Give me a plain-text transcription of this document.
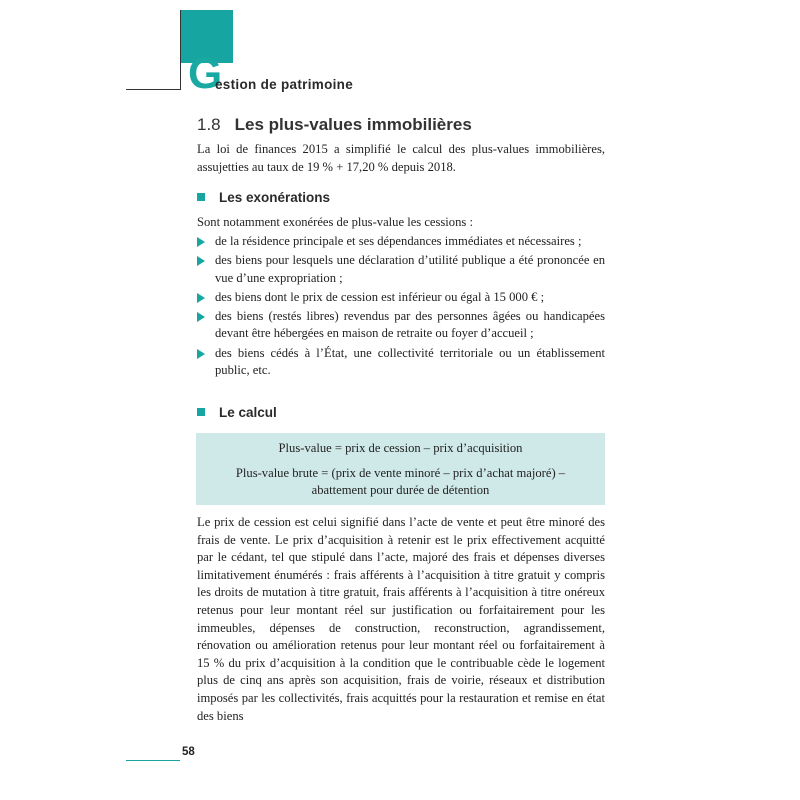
G
estion de patrimoine
1.8 Les plus-values immobilières
La loi de finances 2015 a simplifié le calcul des plus-values immobilières, assujetties au taux de 19 % + 17,20 % depuis 2018.
Les exonérations
Sont notamment exonérées de plus-value les cessions :
de la résidence principale et ses dépendances immédiates et nécessaires ;
des biens pour lesquels une déclaration d’utilité publique a été prononcée en vue d’une expropriation ;
des biens dont le prix de cession est inférieur ou égal à 15 000 € ;
des biens (restés libres) revendus par des personnes âgées ou handicapées devant être hébergées en maison de retraite ou foyer d’accueil ;
des biens cédés à l’État, une collectivité territoriale ou un établissement public, etc.
Le calcul
Plus-value = prix de cession – prix d’acquisition
Plus-value brute = (prix de vente minoré – prix d’achat majoré) –
abattement pour durée de détention
Le prix de cession est celui signifié dans l’acte de vente et peut être minoré des frais de vente. Le prix d’acquisition à retenir est le prix effectivement acquitté par le cédant, tel que stipulé dans l’acte, majoré des frais et dépenses diverses limitativement énumérés : frais afférents à l’acquisition à titre gratuit y compris les droits de mutation à titre gratuit, frais afférents à l’acquisition à titre onéreux retenus pour leur montant réel sur justification ou forfaitairement pour les immeubles, dépenses de construction, reconstruction, agrandissement, rénovation ou amélioration retenus pour leur montant réel ou forfaitairement à 15 % du prix d’acquisition à la condition que le contribuable cède le logement plus de cinq ans après son acquisition, frais de voirie, réseaux et distribution imposés par les collectivités, frais acquittés pour la restauration et remise en état des biens
58
